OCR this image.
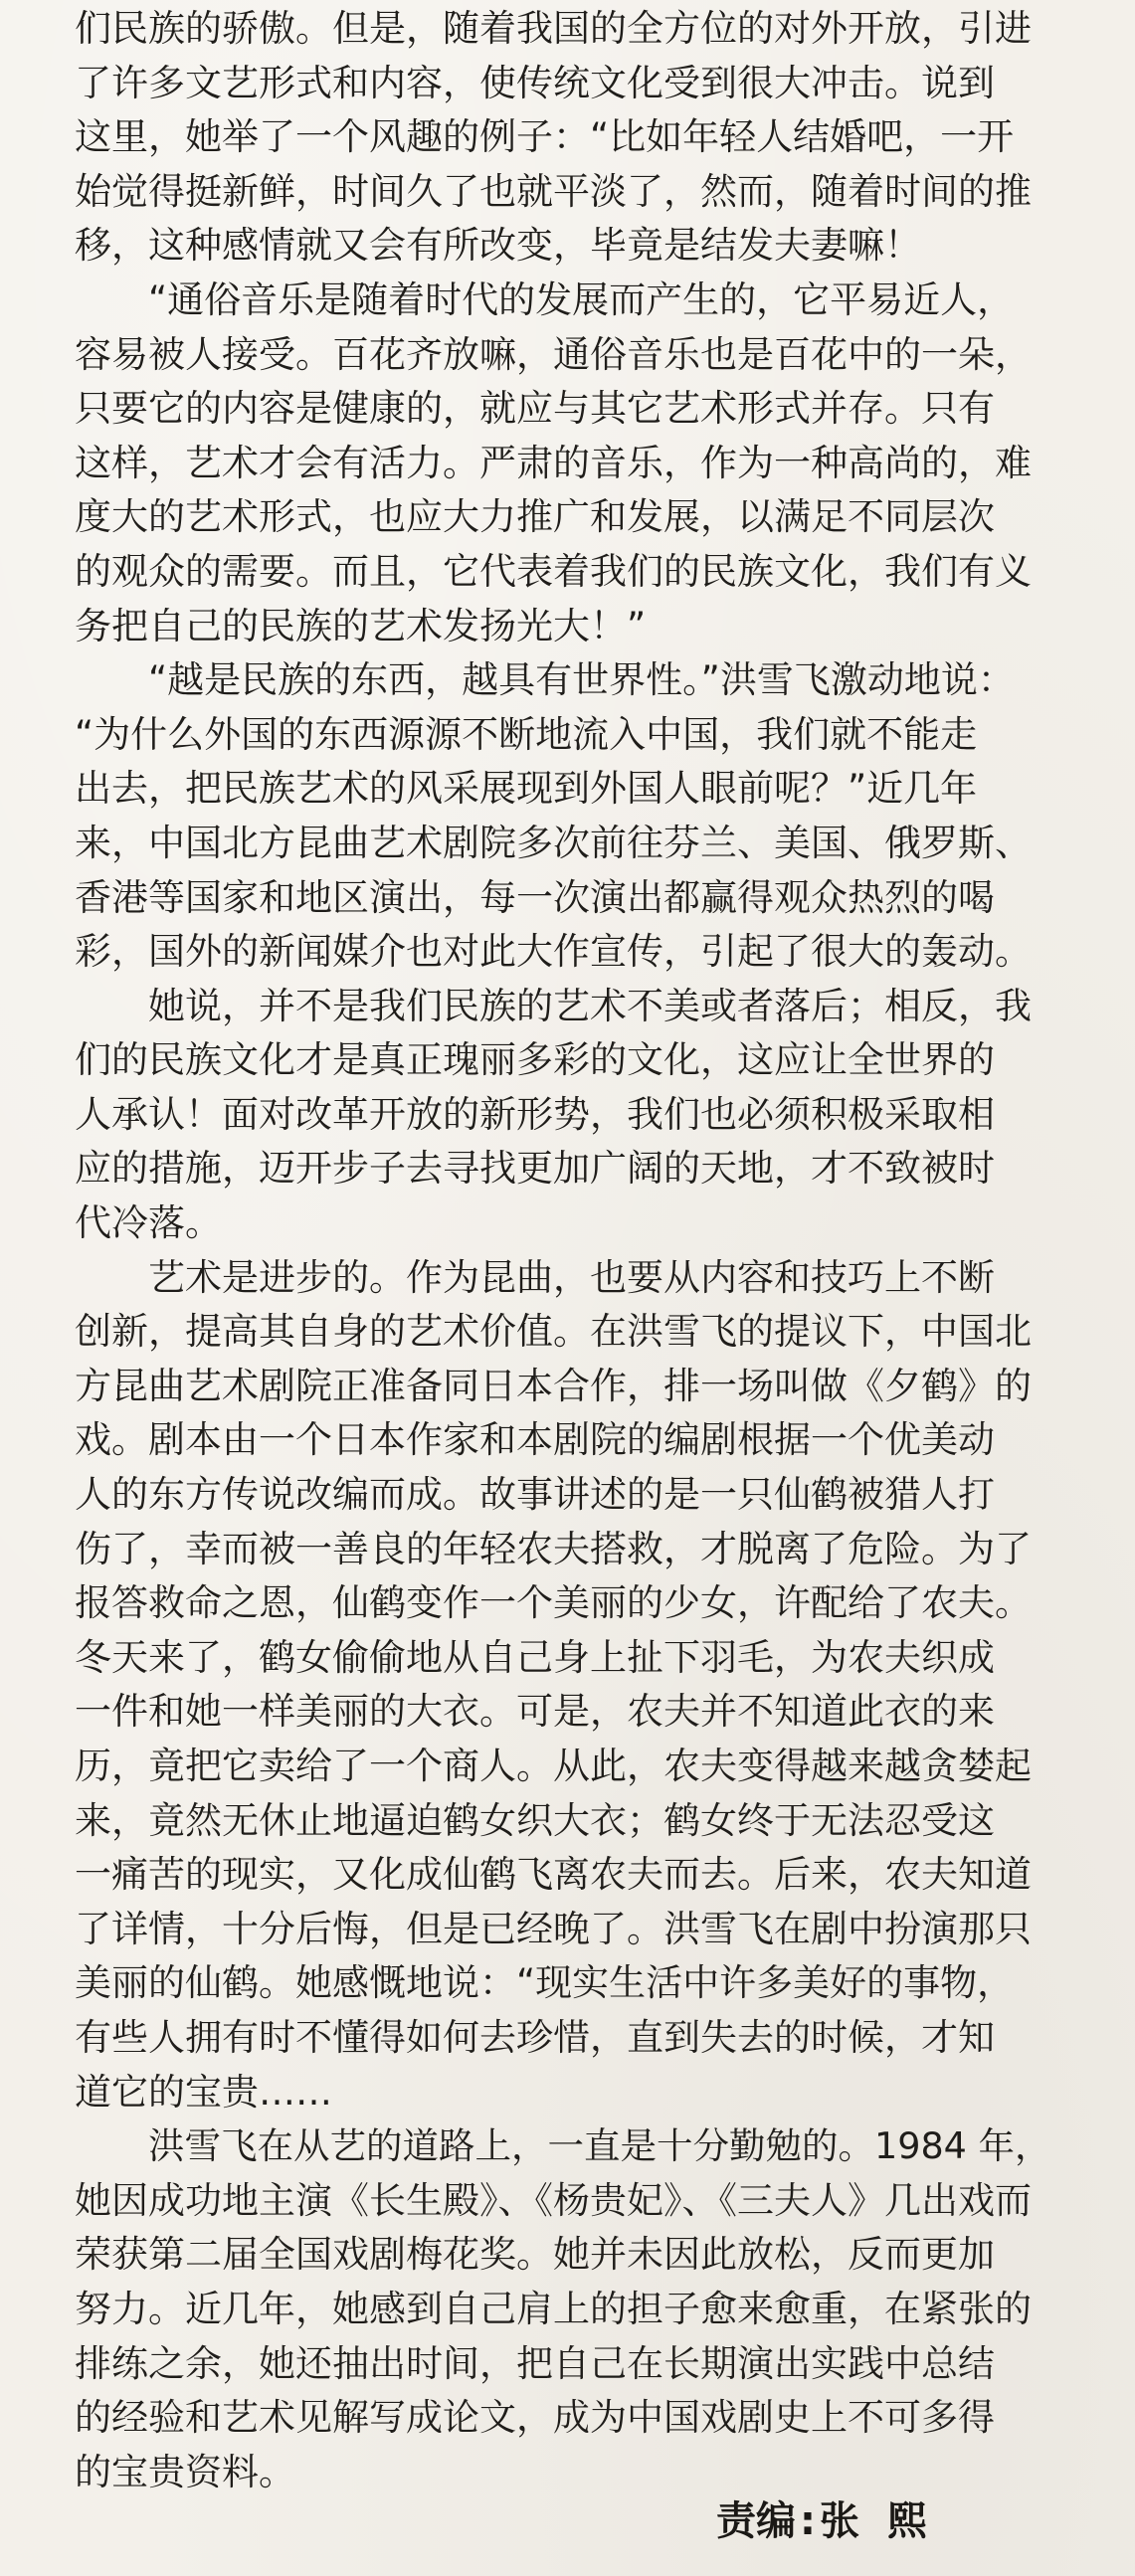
们民族的骄傲。但是，随着我国的全方位的对外开放，引进
了许多文艺形式和内容，使传统文化受到很大冲击。说到
这里，她举了一个风趣的例子：“比如年轻人结婚吧，一开
始觉得挺新鲜，时间久了也就平淡了，然而，随着时间的推
移，这种感情就又会有所改变，毕竟是结发夫妻嘛！
“通俗音乐是随着时代的发展而产生的，它平易近人，
容易被人接受。百花齐放嘛，通俗音乐也是百花中的一朵，
只要它的内容是健康的，就应与其它艺术形式并存。只有
这样，艺术才会有活力。严肃的音乐，作为一种高尚的，难
度大的艺术形式，也应大力推广和发展，以满足不同层次
的观众的需要。而且，它代表着我们的民族文化，我们有义
务把自己的民族的艺术发扬光大！”
“越是民族的东西，越具有世界性。”洪雪飞激动地说：
“为什么外国的东西源源不断地流入中国，我们就不能走
出去，把民族艺术的风采展现到外国人眼前呢？”近几年
来，中国北方昆曲艺术剧院多次前往芬兰、美国、俄罗斯、
香港等国家和地区演出，每一次演出都赢得观众热烈的喝
彩，国外的新闻媒介也对此大作宣传，引起了很大的轰动。
她说，并不是我们民族的艺术不美或者落后；相反，我
们的民族文化才是真正瑰丽多彩的文化，这应让全世界的
人承认！面对改革开放的新形势，我们也必须积极采取相
应的措施，迈开步子去寻找更加广阔的天地，才不致被时
代冷落。
艺术是进步的。作为昆曲，也要从内容和技巧上不断
创新，提高其自身的艺术价值。在洪雪飞的提议下，中国北
方昆曲艺术剧院正准备同日本合作，排一场叫做《夕鹤》的
戏。剧本由一个日本作家和本剧院的编剧根据一个优美动
人的东方传说改编而成。故事讲述的是一只仙鹤被猎人打
伤了，幸而被一善良的年轻农夫搭救，才脱离了危险。为了
报答救命之恩，仙鹤变作一个美丽的少女，许配给了农夫。
冬天来了，鹤女偷偷地从自己身上扯下羽毛，为农夫织成
一件和她一样美丽的大衣。可是，农夫并不知道此衣的来
历，竟把它卖给了一个商人。从此，农夫变得越来越贪婪起
来，竟然无休止地逼迫鹤女织大衣；鹤女终于无法忍受这
一痛苦的现实，又化成仙鹤飞离农夫而去。后来，农夫知道
了详情，十分后悔，但是已经晚了。洪雪飞在剧中扮演那只
美丽的仙鹤。她感慨地说：“现实生活中许多美好的事物，
有些人拥有时不懂得如何去珍惜，直到失去的时候，才知
道它的宝贵……
洪雪飞在从艺的道路上，一直是十分勤勉的。1984 年，
她因成功地主演《长生殿》、《杨贵妃》、《三夫人》几出戏而
荣获第二届全国戏剧梅花奖。她并未因此放松，反而更加
努力。近几年，她感到自己肩上的担子愈来愈重，在紧张的
排练之余，她还抽出时间，把自己在长期演出实践中总结
的经验和艺术见解写成论文，成为中国戏剧史上不可多得
的宝贵资料。
责编 : 张熙
